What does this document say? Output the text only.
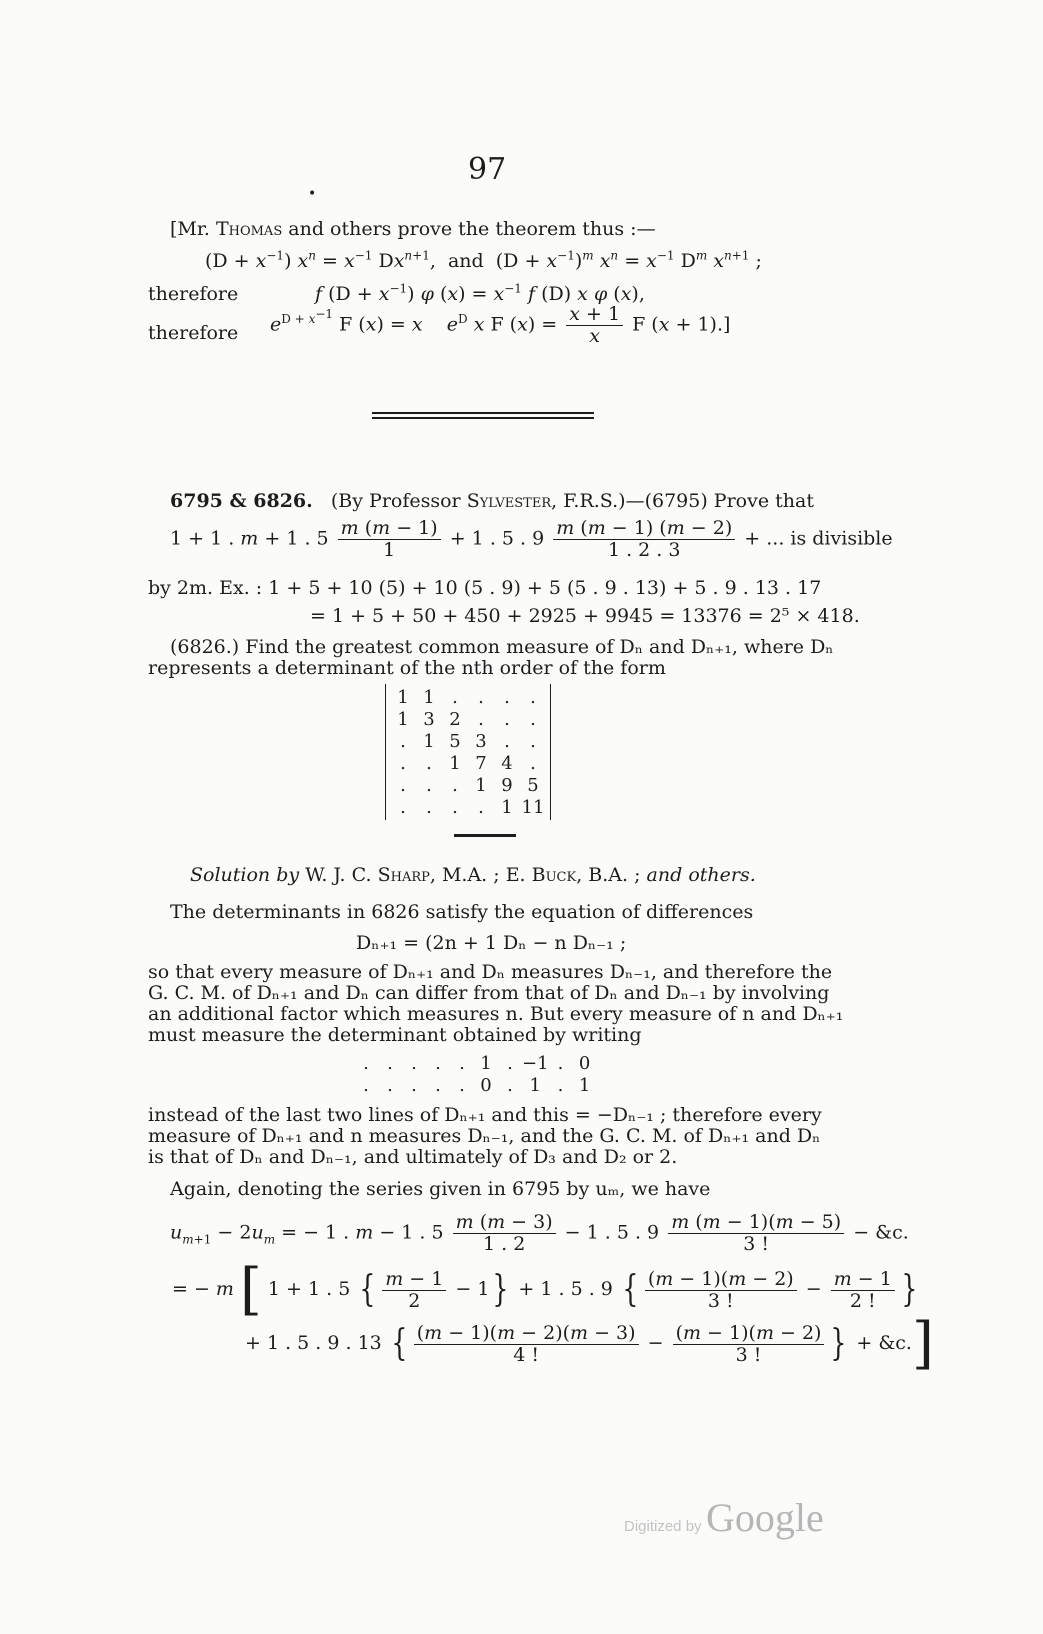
97
•
[Mr. Thomas and others prove the theorem thus :—
$(D + x^{-1})$ $x^n = x^{-1}$ $Dx^{n+1}$,  and  $(D + x^{-1})^m$ $x^n = x^{-1}$ $D^m$ $x^{n+1}$ ;
therefore	f $(D + x^{-1})$ φ $(x) = x^{-1}$ f (D) x φ (x),
therefore $e^{D + x^{-1}}$ F (x) = x $e^D$ x F $(x) = \frac{x + 1}{x}$ F (x + 1).]
6795 & 6826. (By Professor Sylvester, F.R.S.)—(6795) Prove that
1 + 1 . m + 1 . $5 \frac{m (m - 1)}{1} + 1$ . 5 . $9 \frac{m (m - 1) (m - 2)}{1 . 2 . 3}$ + ... is divisible
by 2m. Ex. : 1 + 5 + 10 (5) + 10 (5 . 9) + 5 (5 . 9 . 13) + 5 . 9 . 13 . 17
= 1 + 5 + 50 + 450 + 2925 + 9945 = 13376 = 2⁵ × 418.
(6826.) Find the greatest common measure of Dₙ and Dₙ₊₁, where Dₙ
represents a determinant of the nth order of the form
1	1	.	.	.	.
1	3	2	.	.	.
.	1	5	3	.	.
.	.	1	7	4	.
.	.	.	1	9	5
.	.	.	.	1	11
Solution by W. J. C. Sharp, M.A. ; E. Buck, B.A. ; and others.
The determinants in 6826 satisfy the equation of differences
Dₙ₊₁ = (2n + 1 Dₙ − n Dₙ₋₁ ;
so that every measure of Dₙ₊₁ and Dₙ measures Dₙ₋₁, and therefore the
G. C. M. of Dₙ₊₁ and Dₙ can differ from that of Dₙ and Dₙ₋₁ by involving
an additional factor which measures n. But every measure of n and Dₙ₊₁
must measure the determinant obtained by writing
.	.	.	.	.	1	.	−1	.	0
.	.	.	.	.	0	.	1	.	1
instead of the last two lines of Dₙ₊₁ and this = −Dₙ₋₁ ; therefore every
measure of Dₙ₊₁ and n measures Dₙ₋₁, and the G. C. M. of Dₙ₊₁ and Dₙ
is that of Dₙ and Dₙ₋₁, and ultimately of D₃ and D₂ or 2.
Again, denoting the series given in 6795 by uₘ, we have
$u_{m+1} - 2u_m$ = − 1 . m − 1 . $5 \frac{m (m - 3)}{1 . 2} - 1$ . 5 . $9 \frac{m (m - 1)(m - 5)}{3 !}$ − &c.
= − m [ 1 + 1 . 5 { $\frac{m - 1}{2} - 1\} + 1$ . 5 . 9 { $\frac{(m - 1)(m - 2)}{3 !} - \frac{m - 1}{2 !}$ }
+ 1 . 5 . 9 . 13 { $\frac{(m - 1)(m - 2)(m - 3)}{4 !} - \frac{(m - 1)(m - 2)}{3 !}$ } + &c.]
Digitized by Google
